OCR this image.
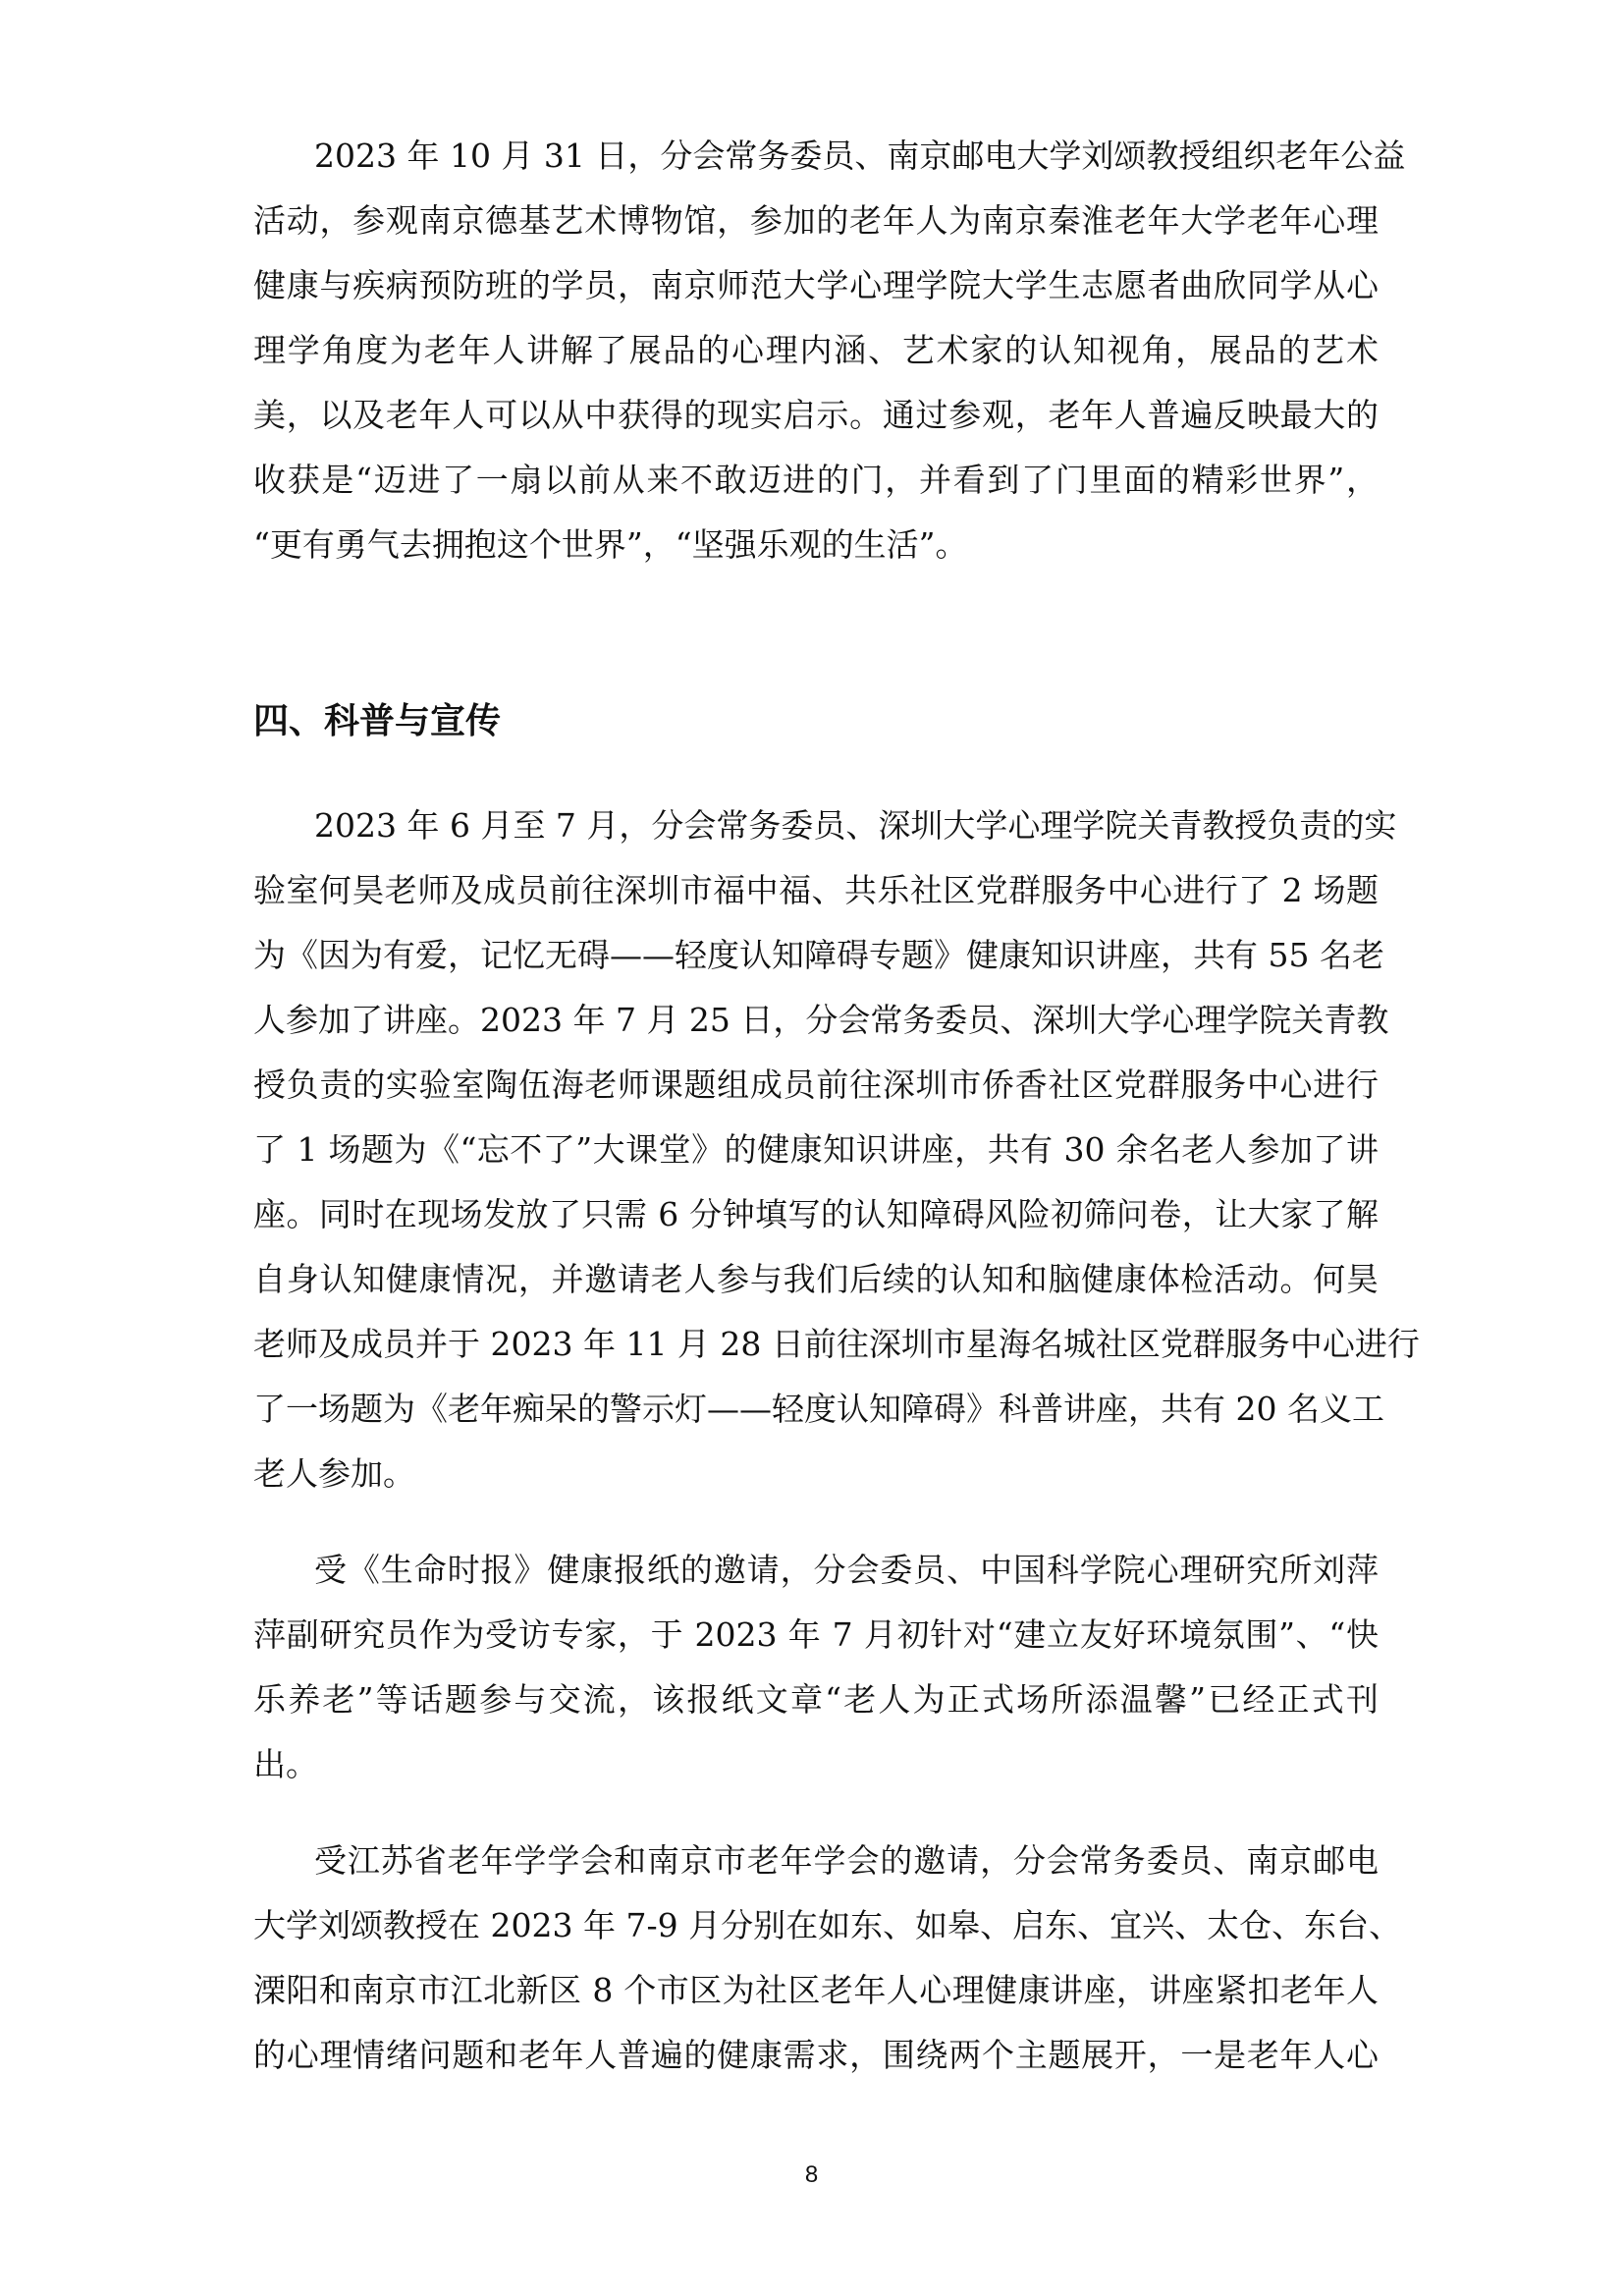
2023 年 10 月 31 日，分会常务委员、南京邮电大学刘颂教授组织老年公益
活动，参观南京德基艺术博物馆，参加的老年人为南京秦淮老年大学老年心理
健康与疾病预防班的学员，南京师范大学心理学院大学生志愿者曲欣同学从心
理学角度为老年人讲解了展品的心理内涵、艺术家的认知视角，展品的艺术
美，以及老年人可以从中获得的现实启示。通过参观，老年人普遍反映最大的
收获是“迈进了一扇以前从来不敢迈进的门，并看到了门里面的精彩世界”，
“更有勇气去拥抱这个世界”，“坚强乐观的生活”。
四、科普与宣传
2023 年 6 月至 7 月，分会常务委员、深圳大学心理学院关青教授负责的实
验室何昊老师及成员前往深圳市福中福、共乐社区党群服务中心进行了 2 场题
为《因为有爱，记忆无碍——轻度认知障碍专题》健康知识讲座，共有 55 名老
人参加了讲座。2023 年 7 月 25 日，分会常务委员、深圳大学心理学院关青教
授负责的实验室陶伍海老师课题组成员前往深圳市侨香社区党群服务中心进行
了 1 场题为《“忘不了”大课堂》的健康知识讲座，共有 30 余名老人参加了讲
座。同时在现场发放了只需 6 分钟填写的认知障碍风险初筛问卷，让大家了解
自身认知健康情况，并邀请老人参与我们后续的认知和脑健康体检活动。何昊
老师及成员并于 2023 年 11 月 28 日前往深圳市星海名城社区党群服务中心进行
了一场题为《老年痴呆的警示灯——轻度认知障碍》科普讲座，共有 20 名义工
老人参加。
受《生命时报》健康报纸的邀请，分会委员、中国科学院心理研究所刘萍
萍副研究员作为受访专家，于 2023 年 7 月初针对“建立友好环境氛围”、“快
乐养老”等话题参与交流，该报纸文章“老人为正式场所添温馨”已经正式刊
出。
受江苏省老年学学会和南京市老年学会的邀请，分会常务委员、南京邮电
大学刘颂教授在 2023 年 7-9 月分别在如东、如皋、启东、宜兴、太仓、东台、
溧阳和南京市江北新区 8 个市区为社区老年人心理健康讲座，讲座紧扣老年人
的心理情绪问题和老年人普遍的健康需求，围绕两个主题展开，一是老年人心
8
